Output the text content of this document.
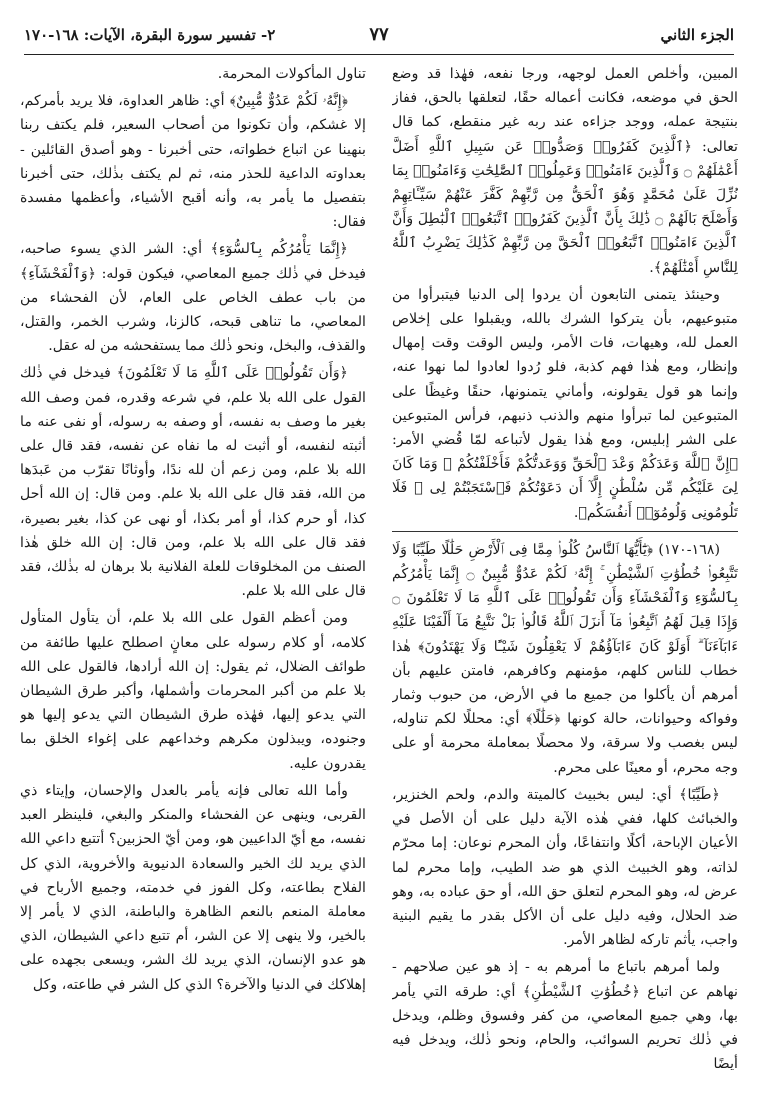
الجزء الثاني
٧٧
٢- تفسير سورة البقرة، الآيات: ١٦٨-١٧٠

المبين، وأخلص العمل لوجهه، ورجا نفعه، فهٰذا قد وضع الحق في موضعه، فكانت أعماله حقًا، لتعلقها بالحق، ففاز بنتيجة عمله، ووجد جزاءه عند ربه غير منقطع، كما قال تعالى: ﴿ٱلَّذِينَ كَفَرُوا۟ وَصَدُّوا۟ عَن سَبِيلِ ٱللَّهِ أَضَلَّ أَعْمَٰلَهُمْ ۝ وَٱلَّذِينَ ءَامَنُوا۟ وَعَمِلُوا۟ ٱلصَّٰلِحَٰتِ وَءَامَنُوا۟ بِمَا نُزِّلَ عَلَىٰ مُحَمَّدٍ وَهُوَ ٱلْحَقُّ مِن رَّبِّهِمْ كَفَّرَ عَنْهُمْ سَيِّـَٔاتِهِمْ وَأَصْلَحَ بَالَهُمْ ۝ ذَٰلِكَ بِأَنَّ ٱلَّذِينَ كَفَرُوا۟ ٱتَّبَعُوا۟ ٱلْبَٰطِلَ وَأَنَّ ٱلَّذِينَ ءَامَنُوا۟ ٱتَّبَعُوا۟ ٱلْحَقَّ مِن رَّبِّهِمْ كَذَٰلِكَ يَضْرِبُ ٱللَّهُ لِلنَّاسِ أَمْثَٰلَهُمْ﴾.

وحينئذ يتمنى التابعون أن يردوا إلى الدنيا فيتبرأوا من متبوعيهم، بأن يتركوا الشرك بالله، ويقبلوا على إخلاص العمل لله، وهيهات، فات الأمر، وليس الوقت وقت إمهال وإنظار، ومع هٰذا فهم كذبة، فلو رُدوا لعادوا لما نهوا عنه، وإنما هو قول يقولونه، وأماني يتمنونها، حنقًا وغيظًا على المتبوعين لما تبرأوا منهم والذنب ذنبهم، فرأس المتبوعين على الشر إبليس، ومع هٰذا يقول لأتباعه لمّا قُضي الأمر: ﴿إِنَّ ٱللَّهَ وَعَدَكُمْ وَعْدَ ٱلْحَقِّ وَوَعَدتُّكُمْ فَأَخْلَفْتُكُمْ ۖ وَمَا كَانَ لِىَ عَلَيْكُم مِّن سُلْطَٰنٍ إِلَّآ أَن دَعَوْتُكُمْ فَٱسْتَجَبْتُمْ لِى ۖ فَلَا تَلُومُونِى وَلُومُوٓا۟ أَنفُسَكُم﴾.

(١٦٨-١٧٠) ﴿يَٰٓأَيُّهَا ٱلنَّاسُ كُلُوا۟ مِمَّا فِى ٱلْأَرْضِ حَلَٰلًا طَيِّبًا وَلَا تَتَّبِعُوا۟ خُطُوَٰتِ ٱلشَّيْطَٰنِ ۚ إِنَّهُۥ لَكُمْ عَدُوٌّ مُّبِينٌ ۝ إِنَّمَا يَأْمُرُكُم بِٱلسُّوٓءِ وَٱلْفَحْشَآءِ وَأَن تَقُولُوا۟ عَلَى ٱللَّهِ مَا لَا تَعْلَمُونَ ۝ وَإِذَا قِيلَ لَهُمُ ٱتَّبِعُوا۟ مَآ أَنزَلَ ٱللَّهُ قَالُوا۟ بَلْ نَتَّبِعُ مَآ أَلْفَيْنَا عَلَيْهِ ءَابَآءَنَآ ۗ أَوَلَوْ كَانَ ءَابَآؤُهُمْ لَا يَعْقِلُونَ شَيْـًٔا وَلَا يَهْتَدُونَ﴾ هٰذا خطاب للناس كلهم، مؤمنهم وكافرهم، فامتن عليهم بأن أمرهم أن يأكلوا من جميع ما في الأرض، من حبوب وثمار وفواكه وحيوانات، حالة كونها ﴿حَلَٰلًا﴾ أي: محللًا لكم تناوله، ليس بغصب ولا سرقة، ولا محصلًا بمعاملة محرمة أو على وجه محرم، أو معينًا على محرم.

﴿طَيِّبًا﴾ أي: ليس بخبيث كالميتة والدم، ولحم الخنزير، والخبائث كلها، ففي هٰذه الآية دليل على أن الأصل في الأعيان الإباحة، أكلًا وانتفاعًا، وأن المحرم نوعان: إما محرّم لذاته، وهو الخبيث الذي هو ضد الطيب، وإما محرم لما عرض له، وهو المحرم لتعلق حق الله، أو حق عباده به، وهو ضد الحلال، وفيه دليل على أن الأكل بقدر ما يقيم البنية واجب، يأثم تاركه لظاهر الأمر.

ولما أمرهم باتباع ما أمرهم به - إذ هو عين صلاحهم - نهاهم عن اتباع ﴿خُطُوَٰتِ ٱلشَّيْطَٰنِ﴾ أي: طرقه التي يأمر بها، وهي جميع المعاصي، من كفر وفسوق وظلم، ويدخل في ذٰلك تحريم السوائب، والحام، ونحو ذٰلك، ويدخل فيه أيضًا

تناول المأكولات المحرمة.

﴿إِنَّهُۥ لَكُمْ عَدُوٌّ مُّبِينٌ﴾ أي: ظاهر العداوة، فلا يريد بأمركم، إلا غشكم، وأن تكونوا من أصحاب السعير، فلم يكتف ربنا بنهينا عن اتباع خطواته، حتى أخبرنا - وهو أصدق القائلين - بعداوته الداعية للحذر منه، ثم لم يكتف بذٰلك، حتى أخبرنا بتفصيل ما يأمر به، وأنه أقبح الأشياء، وأعظمها مفسدة فقال:

﴿إِنَّمَا يَأْمُرُكُم بِٱلسُّوٓءِ﴾ أي: الشر الذي يسوء صاحبه، فيدخل في ذٰلك جميع المعاصي، فيكون قوله: ﴿وَٱلْفَحْشَآءِ﴾ من باب عطف الخاص على العام، لأن الفحشاء من المعاصي، ما تناهى قبحه، كالزنا، وشرب الخمر، والقتل، والقذف، والبخل، ونحو ذٰلك مما يستفحشه من له عقل.

﴿وَأَن تَقُولُوا۟ عَلَى ٱللَّهِ مَا لَا تَعْلَمُونَ﴾ فيدخل في ذٰلك القول على الله بلا علم، في شرعه وقدره، فمن وصف الله بغير ما وصف به نفسه، أو وصفه به رسوله، أو نفى عنه ما أثبته لنفسه، أو أثبت له ما نفاه عن نفسه، فقد قال على الله بلا علم، ومن زعم أن لله ندًا، وأوثانًا تقرّب من عَبدَها من الله، فقد قال على الله بلا علم. ومن قال: إن الله أحل كذا، أو حرم كذا، أو أمر بكذا، أو نهى عن كذا، بغير بصيرة، فقد قال على الله بلا علم، ومن قال: إن الله خلق هٰذا الصنف من المخلوقات للعلة الفلانية بلا برهان له بذٰلك، فقد قال على الله بلا علم.

ومن أعظم القول على الله بلا علم، أن يتأول المتأول كلامه، أو كلام رسوله على معانٍ اصطلح عليها طائفة من طوائف الضلال، ثم يقول: إن الله أرادها، فالقول على الله بلا علم من أكبر المحرمات وأشملها، وأكبر طرق الشيطان التي يدعو إليها، فهٰذه طرق الشيطان التي يدعو إليها هو وجنوده، ويبذلون مكرهم وخداعهم على إغواء الخلق بما يقدرون عليه.

وأما الله تعالى فإنه يأمر بالعدل والإحسان، وإيتاء ذي القربى، وينهى عن الفحشاء والمنكر والبغي، فلينظر العبد نفسه، مع أيّ الداعيين هو، ومن أيّ الحزبين؟ أتتبع داعي الله الذي يريد لك الخير والسعادة الدنيوية والأخروية، الذي كل الفلاح بطاعته، وكل الفوز في خدمته، وجميع الأرباح في معاملة المنعم بالنعم الظاهرة والباطنة، الذي لا يأمر إلا بالخير، ولا ينهى إلا عن الشر، أم تتبع داعي الشيطان، الذي هو عدو الإنسان، الذي يريد لك الشر، ويسعى بجهده على إهلاكك في الدنيا والآخرة؟ الذي كل الشر في طاعته، وكل
